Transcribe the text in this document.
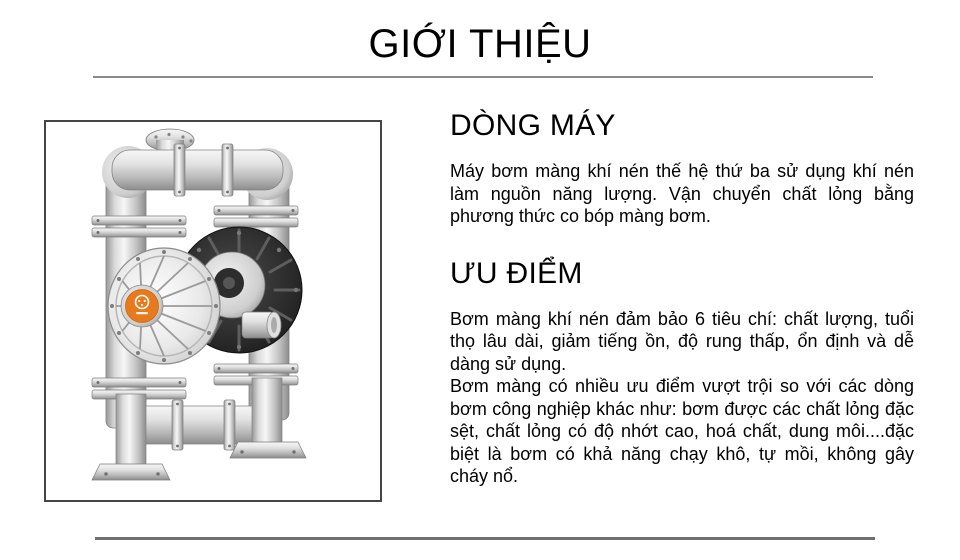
GIỚI THIỆU
DÒNG MÁY

Máy bơm màng khí nén thế hệ thứ ba sử dụng khí nén làm nguồn năng lượng. Vận chuyển chất lỏng bằng phương thức co bóp màng bơm.

ƯU ĐIỂM

Bơm màng khí nén đảm bảo 6 tiêu chí: chất lượng, tuổi thọ lâu dài, giảm tiếng ồn, độ rung thấp, ổn định và dễ dàng sử dụng.

Bơm màng có nhiều ưu điểm vượt trội so với các dòng bơm công nghiệp khác như: bơm được các chất lỏng đặc sệt, chất lỏng có độ nhớt cao, hoá chất, dung môi....đặc biệt là bơm có khả năng chạy khô, tự mồi, không gây cháy nổ.
